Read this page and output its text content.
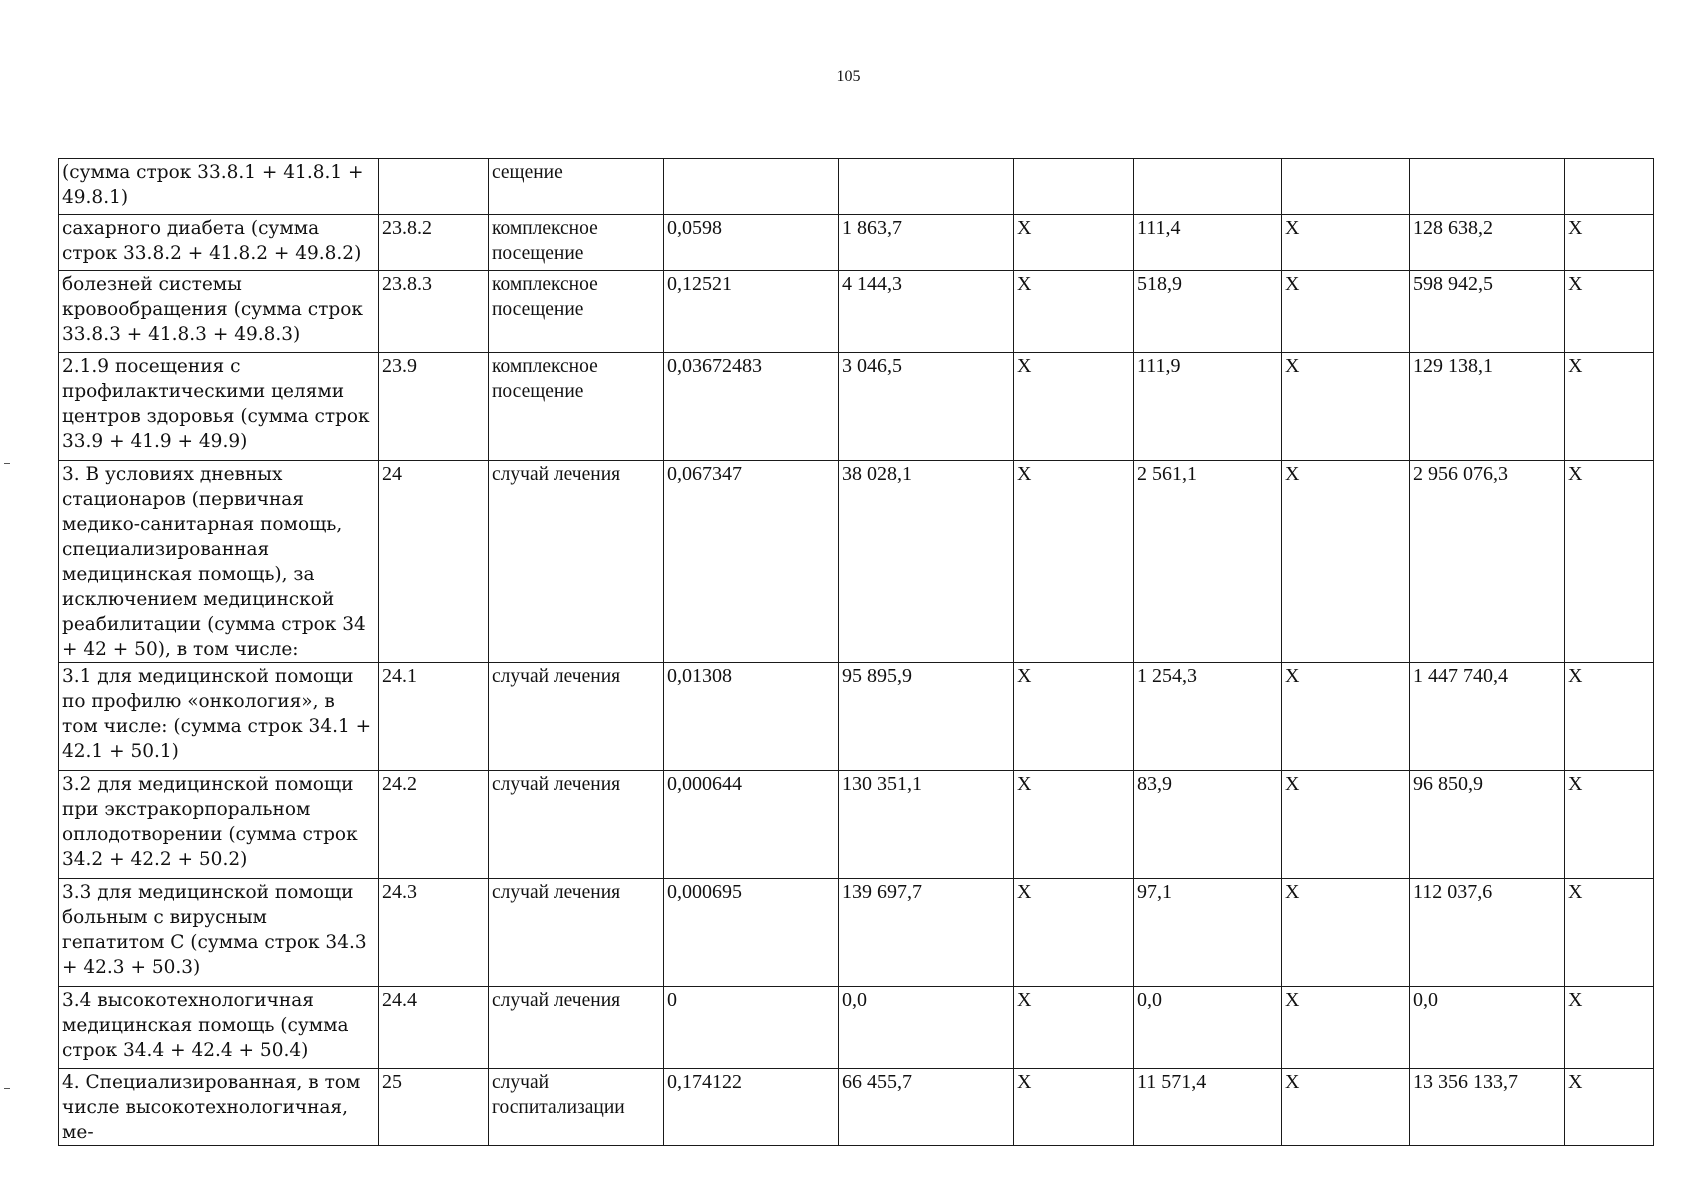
105
(сумма строк 33.8.1 + 41.8.1 + 49.8.1)		сещение							
сахарного диабета (сумма строк 33.8.2 + 41.8.2 + 49.8.2)	23.8.2	комплексное посещение	0,0598	1 863,7	X	111,4	X	128 638,2	X
болезней системы кровообращения (сумма строк 33.8.3 + 41.8.3 + 49.8.3)	23.8.3	комплексное посещение	0,12521	4 144,3	X	518,9	X	598 942,5	X
2.1.9 посещения с профилактическими целями центров здоровья (сумма строк 33.9 + 41.9 + 49.9)	23.9	комплексное посещение	0,03672483	3 046,5	X	111,9	X	129 138,1	X
3. В условиях дневных стационаров (первичная медико-санитарная помощь, специализированная медицинская помощь), за исключением медицинской реабилитации (сумма строк 34 + 42 + 50), в том числе:	24	случай лечения	0,067347	38 028,1	X	2 561,1	X	2 956 076,3	X
3.1 для медицинской помощи по профилю «онкология», в том числе: (сумма строк 34.1 + 42.1 + 50.1)	24.1	случай лечения	0,01308	95 895,9	X	1 254,3	X	1 447 740,4	X
3.2 для медицинской помощи при экстракорпоральном оплодотворении (сумма строк 34.2 + 42.2 + 50.2)	24.2	случай лечения	0,000644	130 351,1	X	83,9	X	96 850,9	X
3.3 для медицинской помощи больным с вирусным гепатитом С (сумма строк 34.3 + 42.3 + 50.3)	24.3	случай лечения	0,000695	139 697,7	X	97,1	X	112 037,6	X
3.4 высокотехнологичная медицинская помощь (сумма строк 34.4 + 42.4 + 50.4)	24.4	случай лечения	0	0,0	X	0,0	X	0,0	X
4. Специализированная, в том числе высокотехнологичная, ме-	25	случай госпитализации	0,174122	66 455,7	X	11 571,4	X	13 356 133,7	X
